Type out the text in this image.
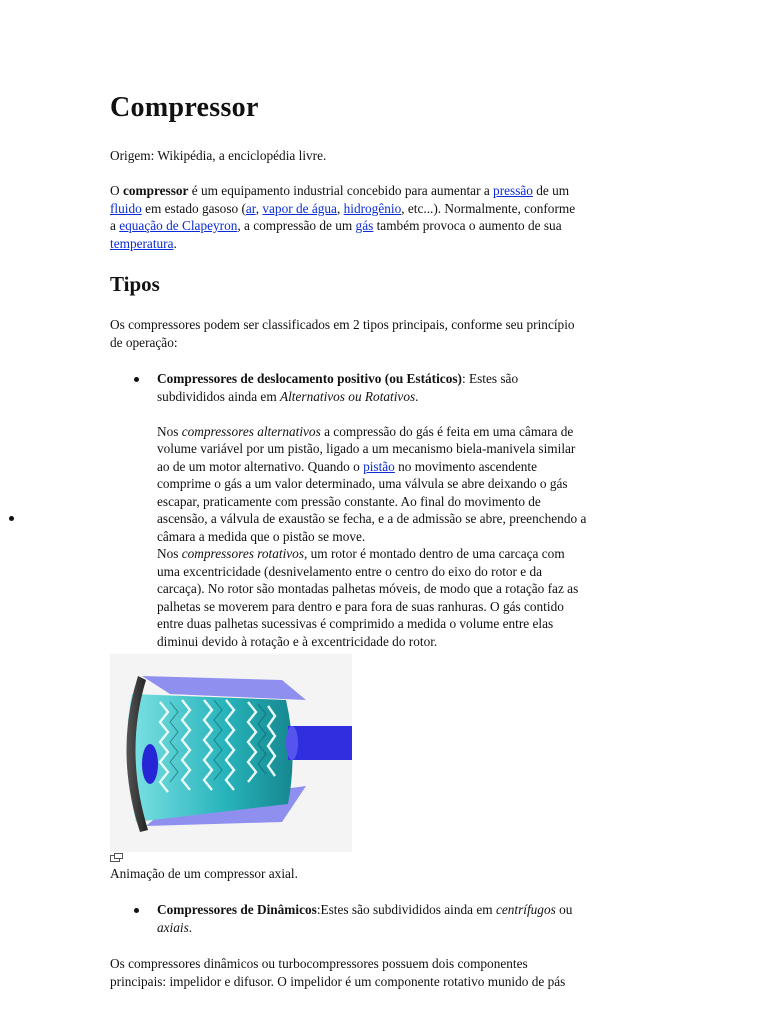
Compressor

Origem: Wikipédia, a enciclopédia livre.

O compressor é um equipamento industrial concebido para aumentar a pressão de um
fluido em estado gasoso (ar, vapor de água, hidrogênio, etc...). Normalmente, conforme
a equação de Clapeyron, a compressão de um gás também provoca o aumento de sua
temperatura.
Tipos
Os compressores podem ser classificados em 2 tipos principais, conforme seu princípio
de operação:
Compressores de deslocamento positivo (ou Estáticos): Estes são
subdivididos ainda em Alternativos ou Rotativos.
Nos compressores alternativos a compressão do gás é feita em uma câmara de
volume variável por um pistão, ligado a um mecanismo biela-manivela similar
ao de um motor alternativo. Quando o pistão no movimento ascendente
comprime o gás a um valor determinado, uma válvula se abre deixando o gás
escapar, praticamente com pressão constante. Ao final do movimento de
ascensão, a válvula de exaustão se fecha, e a de admissão se abre, preenchendo a
câmara a medida que o pistão se move.
Nos compressores rotativos, um rotor é montado dentro de uma carcaça com
uma excentricidade (desnivelamento entre o centro do eixo do rotor e da
carcaça). No rotor são montadas palhetas móveis, de modo que a rotação faz as
palhetas se moverem para dentro e para fora de suas ranhuras. O gás contido
entre duas palhetas sucessivas é comprimido a medida o volume entre elas
diminui devido à rotação e à excentricidade do rotor.

Animação de um compressor axial.

Compressores de Dinâmicos:Estes são subdivididos ainda em centrífugos ou
axiais.
Os compressores dinâmicos ou turbocompressores possuem dois componentes
principais: impelidor e difusor. O impelidor é um componente rotativo munido de pás
